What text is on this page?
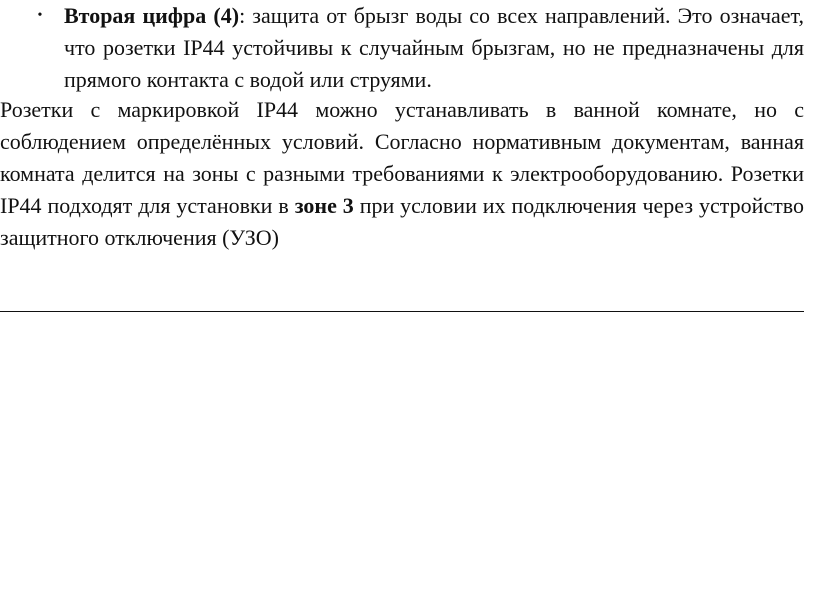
• Вторая цифра (4): защита от брызг воды со всех направлений. Это означает, что розетки IP44 устойчивы к случайным брызгам, но не предназначены для прямого контакта с водой или струями.

Розетки с маркировкой IP44 можно устанавливать в ванной комнате, но с соблюдением определённых условий. Согласно нормативным документам, ванная комната делится на зоны с разными требованиями к электрооборудованию. Розетки IP44 подходят для установки в зоне 3 при условии их подключения через устройство защитного отключения (УЗО)
